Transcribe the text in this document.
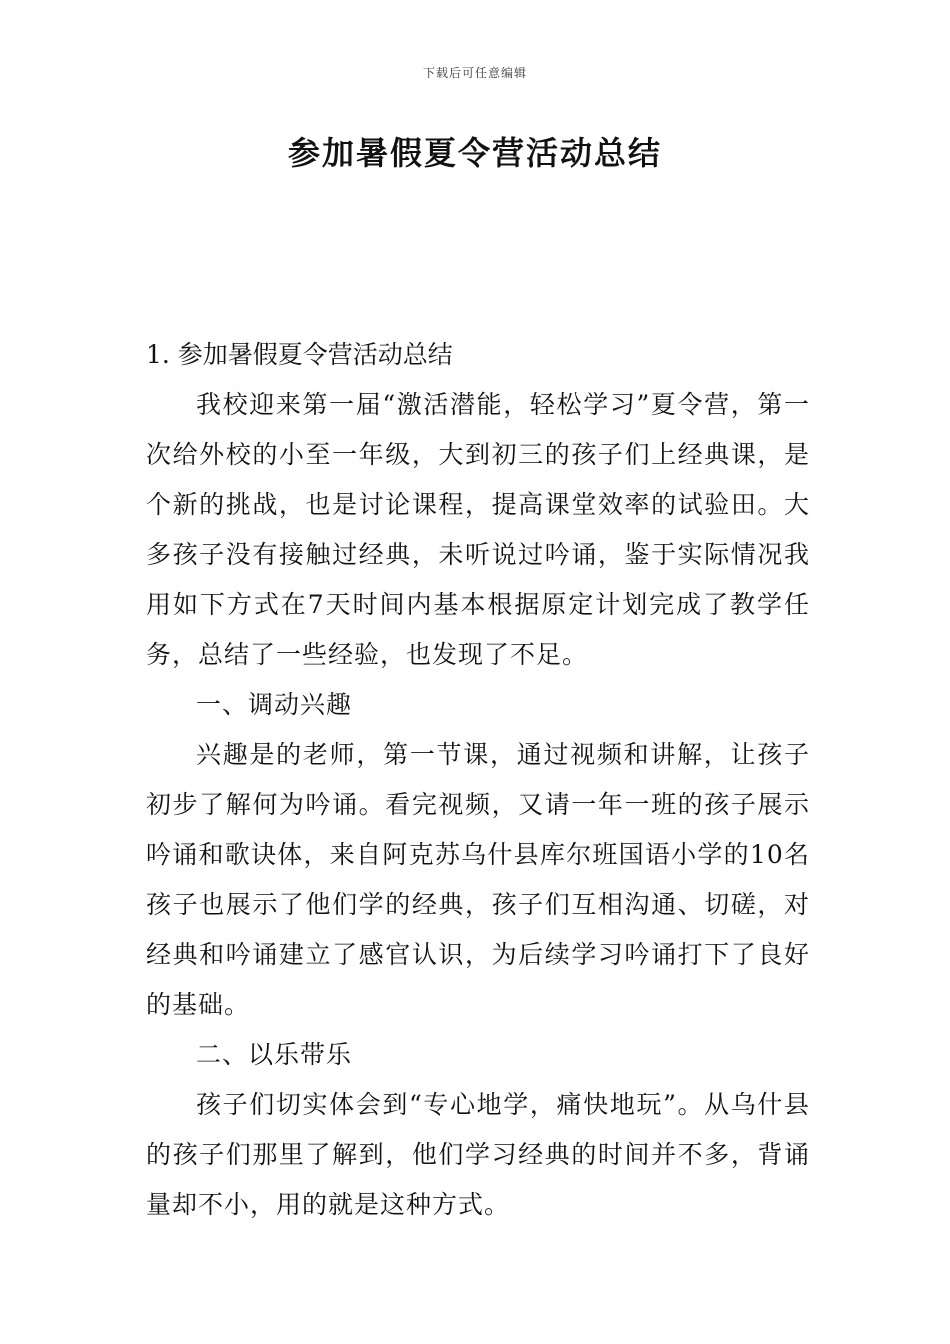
下载后可任意编辑
参加暑假夏令营活动总结

1. 参加暑假夏令营活动总结

我校迎来第一届“激活潜能，轻松学习”夏令营，第一次给外校的小至一年级，大到初三的孩子们上经典课，是个新的挑战，也是讨论课程，提高课堂效率的试验田。大多孩子没有接触过经典，未听说过吟诵，鉴于实际情况我用如下方式在7天时间内基本根据原定计划完成了教学任务，总结了一些经验，也发现了不足。

一、调动兴趣

兴趣是的老师，第一节课，通过视频和讲解，让孩子初步了解何为吟诵。看完视频，又请一年一班的孩子展示吟诵和歌诀体，来自阿克苏乌什县库尔班国语小学的10名孩子也展示了他们学的经典，孩子们互相沟通、切磋，对经典和吟诵建立了感官认识，为后续学习吟诵打下了良好的基础。

二、以乐带乐

孩子们切实体会到“专心地学，痛快地玩”。从乌什县的孩子们那里了解到，他们学习经典的时间并不多，背诵量却不小，用的就是这种方式。
